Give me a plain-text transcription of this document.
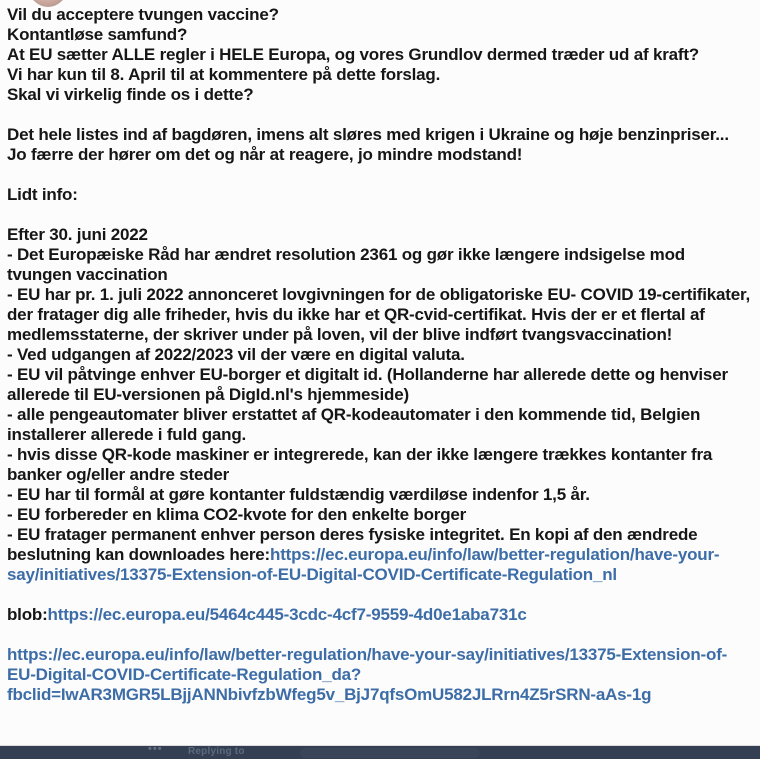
Vil du acceptere tvungen vaccine?
Kontantløse samfund?
At EU sætter ALLE regler i HELE Europa, og vores Grundlov dermed træder ud af kraft?
Vi har kun til 8. April til at kommentere på dette forslag.
Skal vi virkelig finde os i dette?
Det hele listes ind af bagdøren, imens alt sløres med krigen i Ukraine og høje benzinpriser...
Jo færre der hører om det og når at reagere, jo mindre modstand!
Lidt info:
Efter 30. juni 2022
- Det Europæiske Råd har ændret resolution 2361 og gør ikke længere indsigelse mod tvungen vaccination
- EU har pr. 1. juli 2022 annonceret lovgivningen for de obligatoriske EU- COVID 19-certifikater, der fratager dig alle friheder, hvis du ikke har et QR-cvid-certifikat. Hvis der er et flertal af medlemsstaterne, der skriver under på loven, vil der blive indført tvangsvaccination!
- Ved udgangen af 2022/2023 vil der være en digital valuta.
- EU vil påtvinge enhver EU-borger et digitalt id. (Hollanderne har allerede dette og henviser allerede til EU-versionen på DigId.nl's hjemmeside)
- alle pengeautomater bliver erstattet af QR-kodeautomater i den kommende tid, Belgien installerer allerede i fuld gang.
- hvis disse QR-kode maskiner er integrerede, kan der ikke længere trækkes kontanter fra banker og/eller andre steder
- EU har til formål at gøre kontanter fuldstændig værdiløse indenfor 1,5 år.
- EU forbereder en klima CO2-kvote for den enkelte borger
- EU fratager permanent enhver person deres fysiske integritet. En kopi af den ændrede beslutning kan downloades here:https://ec.europa.eu/info/law/better-regulation/have-your-say/initiatives/13375-Extension-of-EU-Digital-COVID-Certificate-Regulation_nl
blob:https://ec.europa.eu/5464c445-3cdc-4cf7-9559-4d0e1aba731c
https://ec.europa.eu/info/law/better-regulation/have-your-say/initiatives/13375-Extension-of-EU-Digital-COVID-Certificate-Regulation_da?fbclid=IwAR3MGR5LBjjANNbivfzbWfeg5v_BjJ7qfsOmU582JLRrn4Z5rSRN-aAs-1g
•••	Replying to
